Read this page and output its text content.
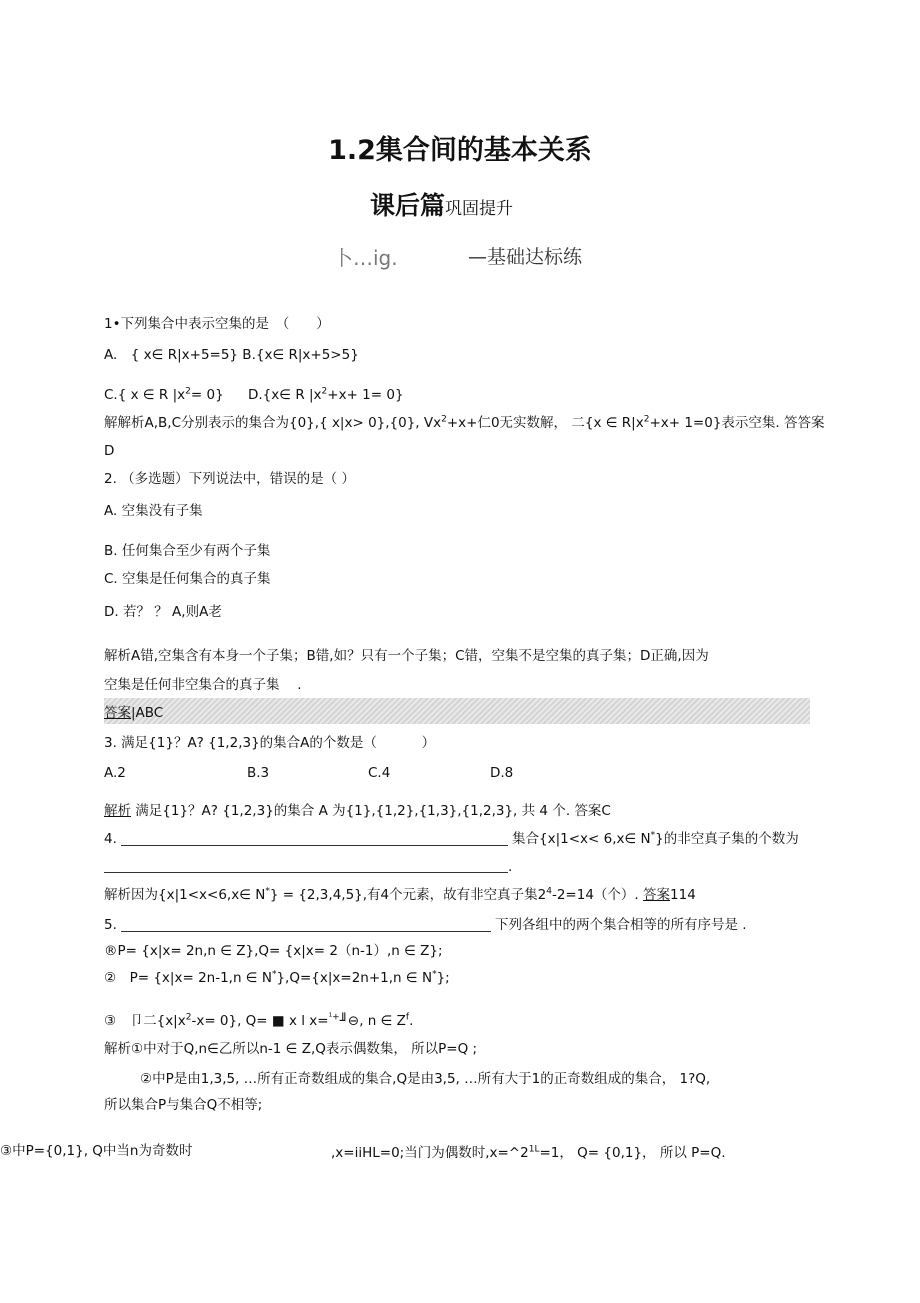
1.2集合间的基本关系
课后篇巩固提升
卜…ig.	—基础达标练
1•下列集合中表示空集的是　（　　）
A.　{ x∈ R|x+5=5} B.{x∈ R|x+5>5}
C.{ x ∈ R $|x^2= 0$} D.{x∈ R $|x^2+x+ 1= 0$}
解解析A,B,C分别表示的集合为{0},{ x|x> 0},{0}, $Vx^2+x+$仁0无实数解， 二{x ∈ $R|x^2+x+ 1=0$}表示空集. 答答案
D
2. （多选题）下列说法中，错误的是（ ）
A. 空集没有子集
B. 任何集合至少有两个子集
C. 空集是任何集合的真子集
D. 若？ ？ A,则A老
解析A错,空集含有本身一个子集；B错,如？只有一个子集；C错，空集不是空集的真子集；D正确,因为
空集是任何非空集合的真子集　 .
答案|ABC
3. 满足{1}？A? {1,2,3}的集合A的个数是（　　　 ）
A.2	B.3	C.4	D.8
解析 满足{1}？A? {1,2,3}的集合 A 为{1},{1,2},{1,3},{1,2,3}, 共 4 个. 答案C
4.	集合{x|1<x< 6,x∈ N*}的非空真子集的个数为
.
解析因为{x|1<x<6,x∈ N*} = {2,3,4,5},有4个元素，故有非空真子集$2^4-2=14$（个）. 答案114
5.	下列各组中的两个集合相等的所有序号是 .
®P= {x|x= 2n,n ∈ Z},Q= {x|x= 2（n-1）,n ∈ Z};
②　P= {x|x= 2n-1,n ∈ N*},Q={x|x=2n+1,n ∈ N*};
③　卩二$\{x|x^2-x= 0\}$, Q= ■ x l x=$^{^1+}$╜⊖, n ∈ $Z^f$.
解析①中对于Q,n∈乙所以n-1 ∈ Z,Q表示偶数集， 所以P=Q ;
②中P是由1,3,5, …所有正奇数组成的集合,Q是由3,5, …所有大于1的正奇数组成的集合， 1?Q,
所以集合P与集合Q不相等;
③中P={0,1}, Q中当n为奇数时	,x=iiHL=0;当门为偶数时$,x=\^{}2^{1L}=1$， Q= {0,1}， 所以 P=Q.
